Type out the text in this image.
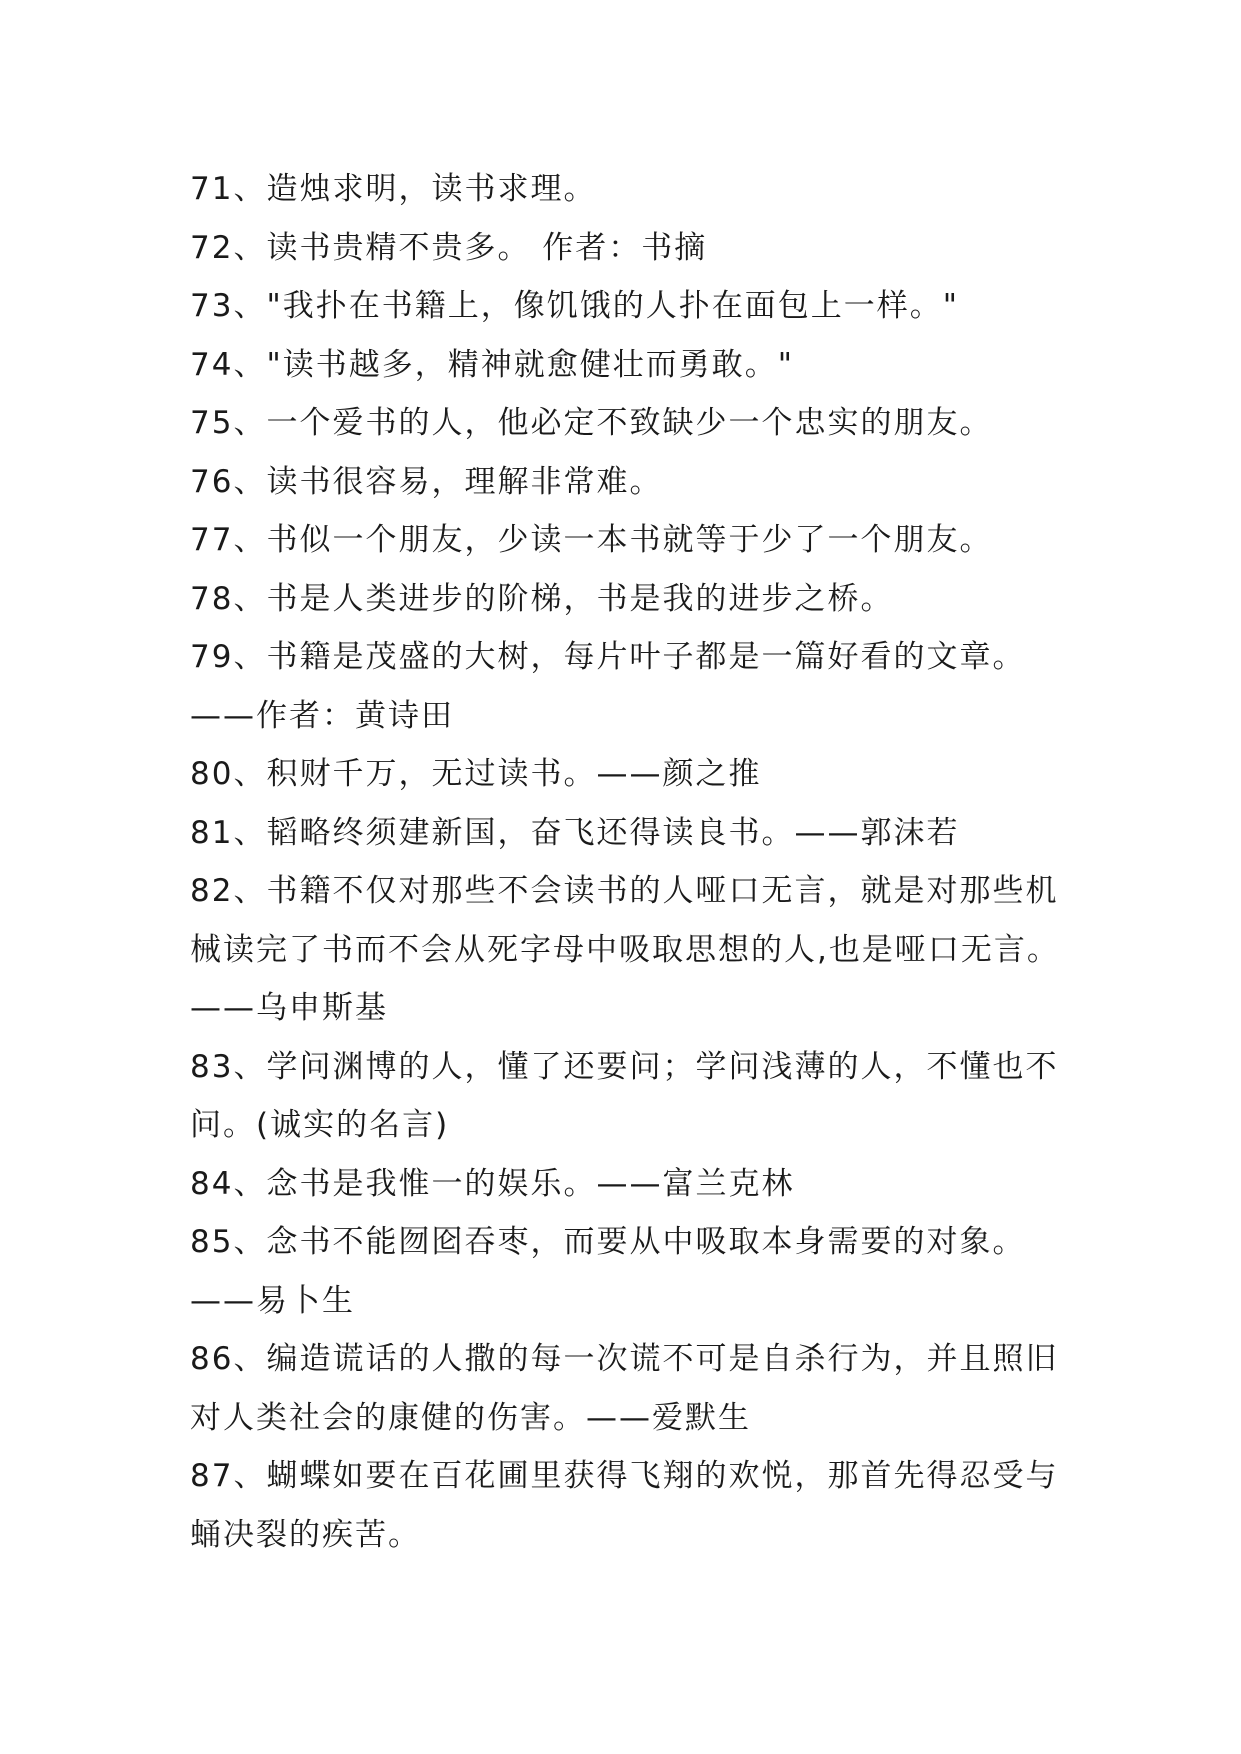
71、造烛求明，读书求理。
72、读书贵精不贵多。 作者：书摘
73、"我扑在书籍上，像饥饿的人扑在面包上一样。"
74、"读书越多，精神就愈健壮而勇敢。"
75、一个爱书的人，他必定不致缺少一个忠实的朋友。
76、读书很容易，理解非常难。
77、书似一个朋友，少读一本书就等于少了一个朋友。
78、书是人类进步的阶梯，书是我的进步之桥。
79、书籍是茂盛的大树，每片叶子都是一篇好看的文章。
——作者：黄诗田
80、积财千万，无过读书。——颜之推
81、韬略终须建新国，奋飞还得读良书。——郭沫若
82、书籍不仅对那些不会读书的人哑口无言，就是对那些机
械读完了书而不会从死字母中吸取思想的人,也是哑口无言。
——乌申斯基
83、学问渊博的人，懂了还要问；学问浅薄的人，不懂也不
问。(诚实的名言)
84、念书是我惟一的娱乐。——富兰克林
85、念书不能囫囵吞枣，而要从中吸取本身需要的对象。
——易卜生
86、编造谎话的人撒的每一次谎不可是自杀行为，并且照旧
对人类社会的康健的伤害。——爱默生
87、蝴蝶如要在百花圃里获得飞翔的欢悦，那首先得忍受与
蛹决裂的疾苦。
